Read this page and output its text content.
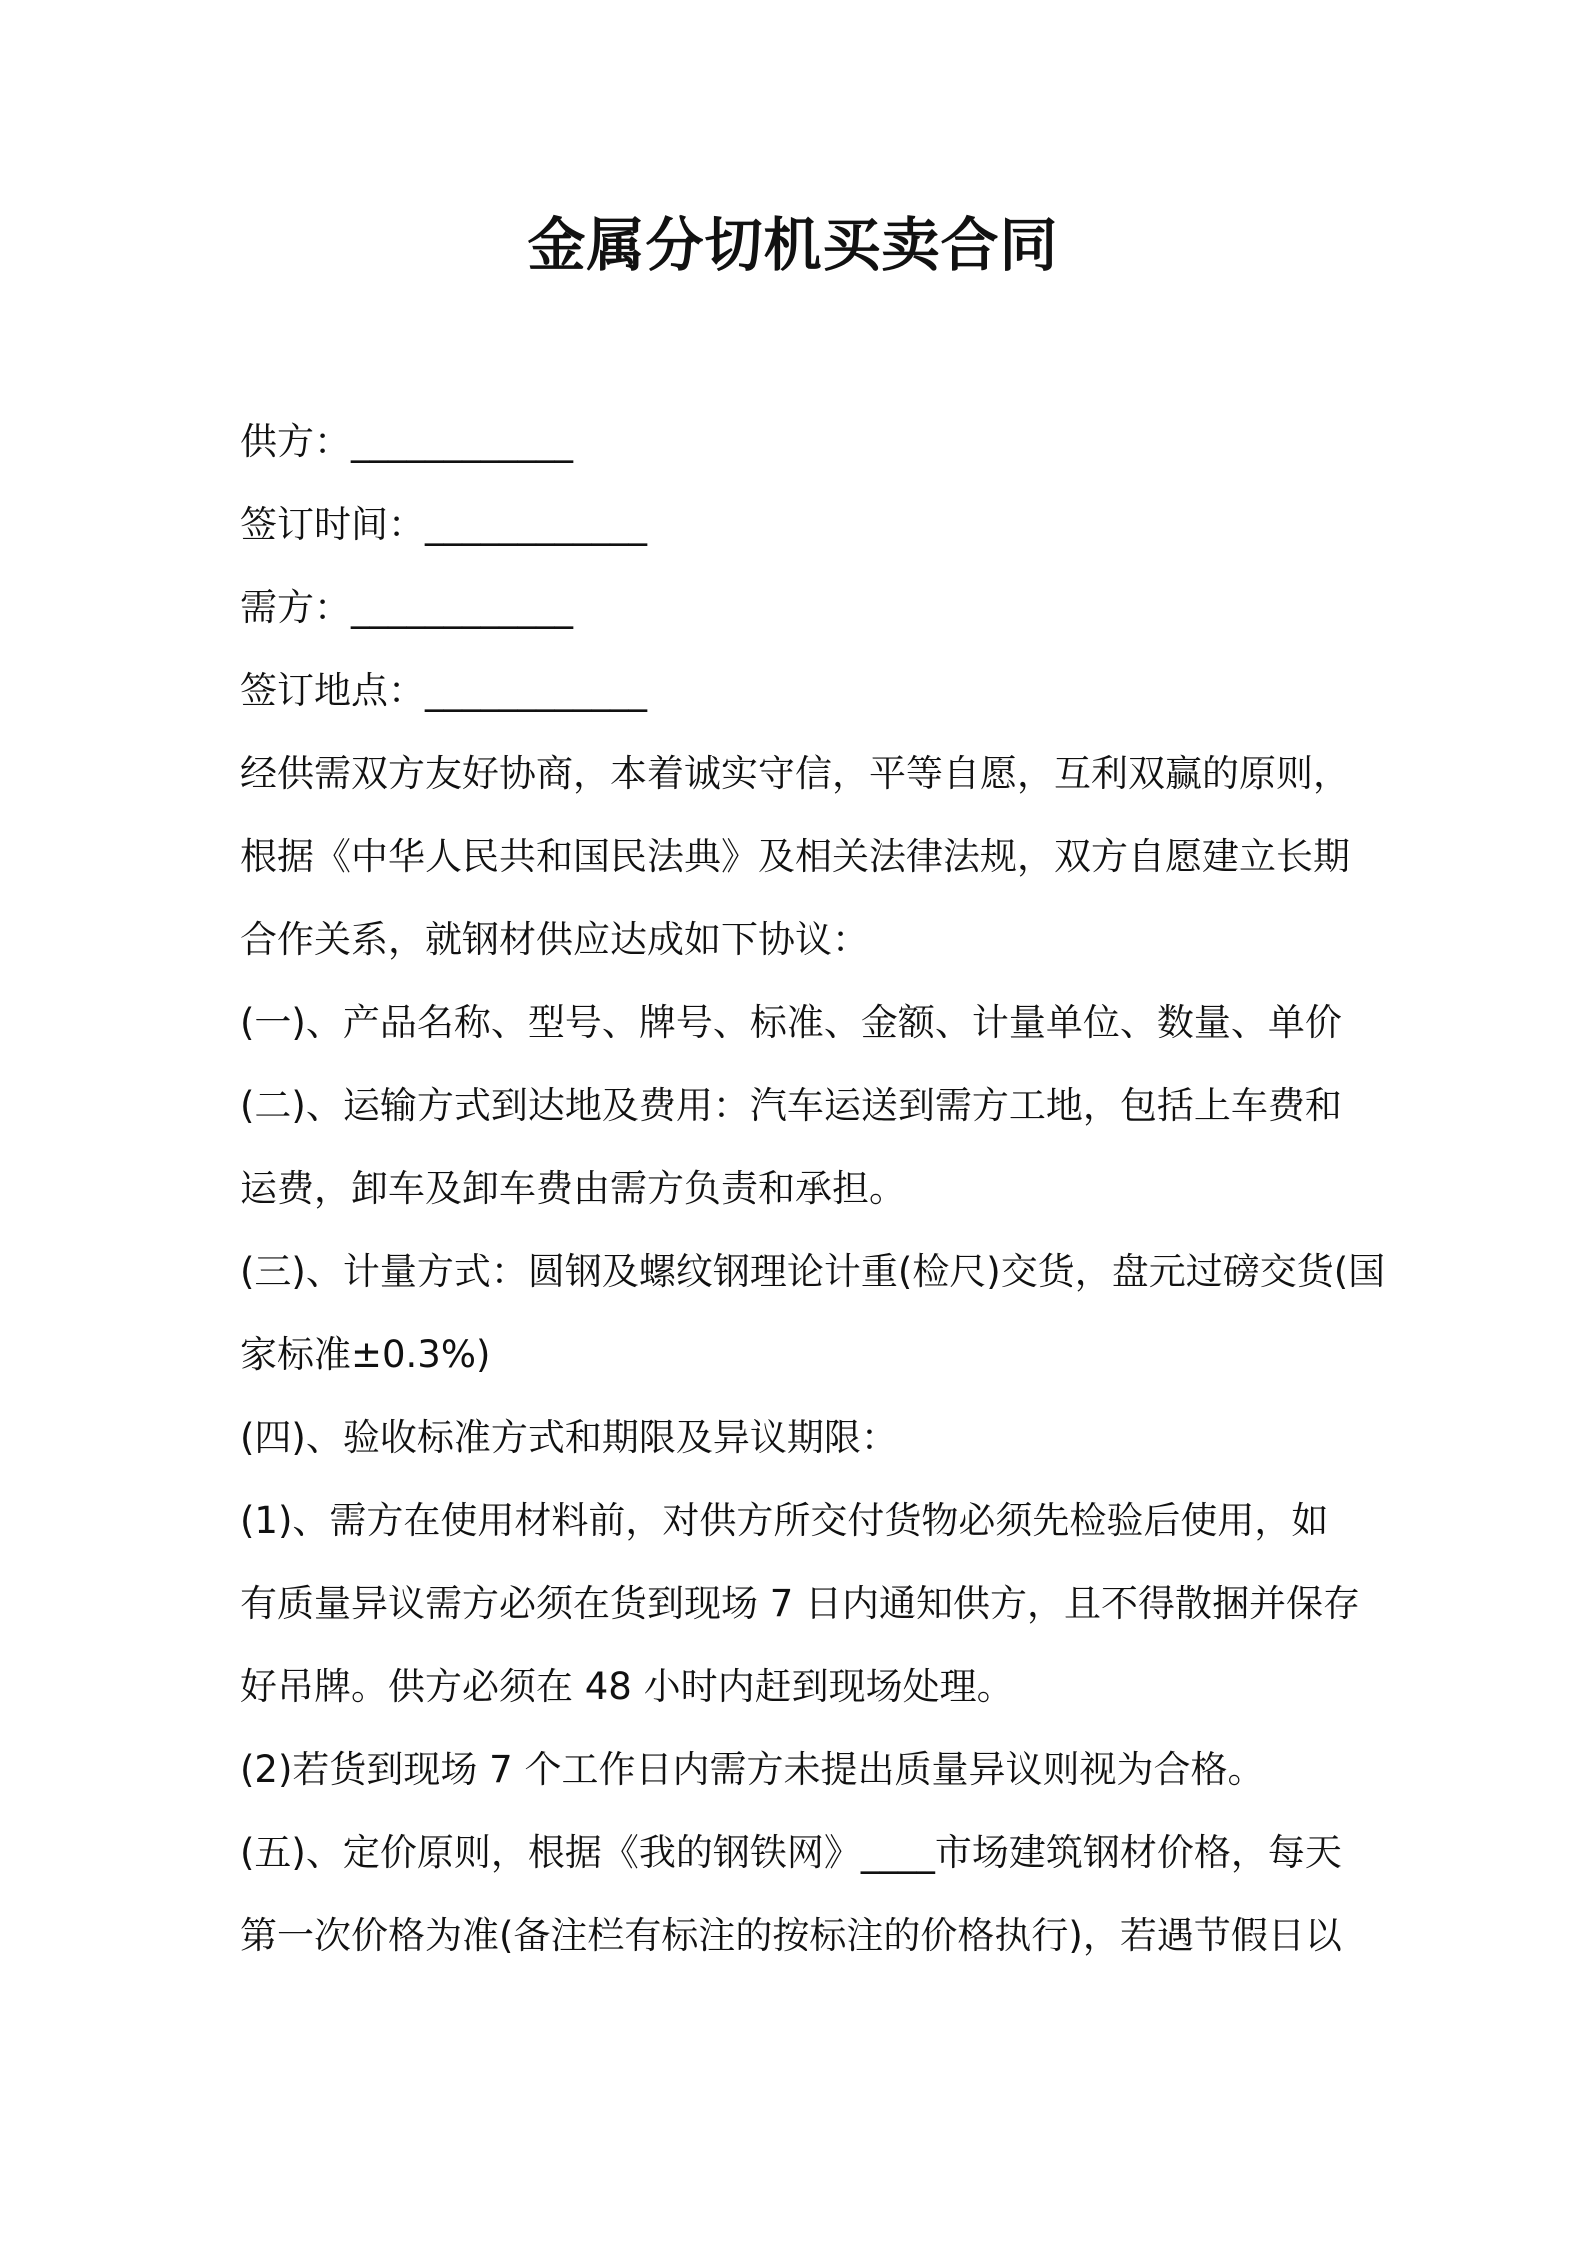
金属分切机买卖合同
供方：____________
签订时间：____________
需方：____________
签订地点：____________
经供需双方友好协商，本着诚实守信，平等自愿，互利双赢的原则，
根据《中华人民共和国民法典》及相关法律法规，双方自愿建立长期
合作关系，就钢材供应达成如下协议：
(一)、产品名称、型号、牌号、标准、金额、计量单位、数量、单价
(二)、运输方式到达地及费用：汽车运送到需方工地，包括上车费和
运费，卸车及卸车费由需方负责和承担。
(三)、计量方式：圆钢及螺纹钢理论计重(检尺)交货，盘元过磅交货(国
家标准±0.3%)
(四)、验收标准方式和期限及异议期限：
(1)、需方在使用材料前，对供方所交付货物必须先检验后使用，如
有质量异议需方必须在货到现场 7 日内通知供方，且不得散捆并保存
好吊牌。供方必须在 48 小时内赶到现场处理。
(2)若货到现场 7 个工作日内需方未提出质量异议则视为合格。
(五)、定价原则，根据《我的钢铁网》____市场建筑钢材价格，每天
第一次价格为准(备注栏有标注的按标注的价格执行)，若遇节假日以
